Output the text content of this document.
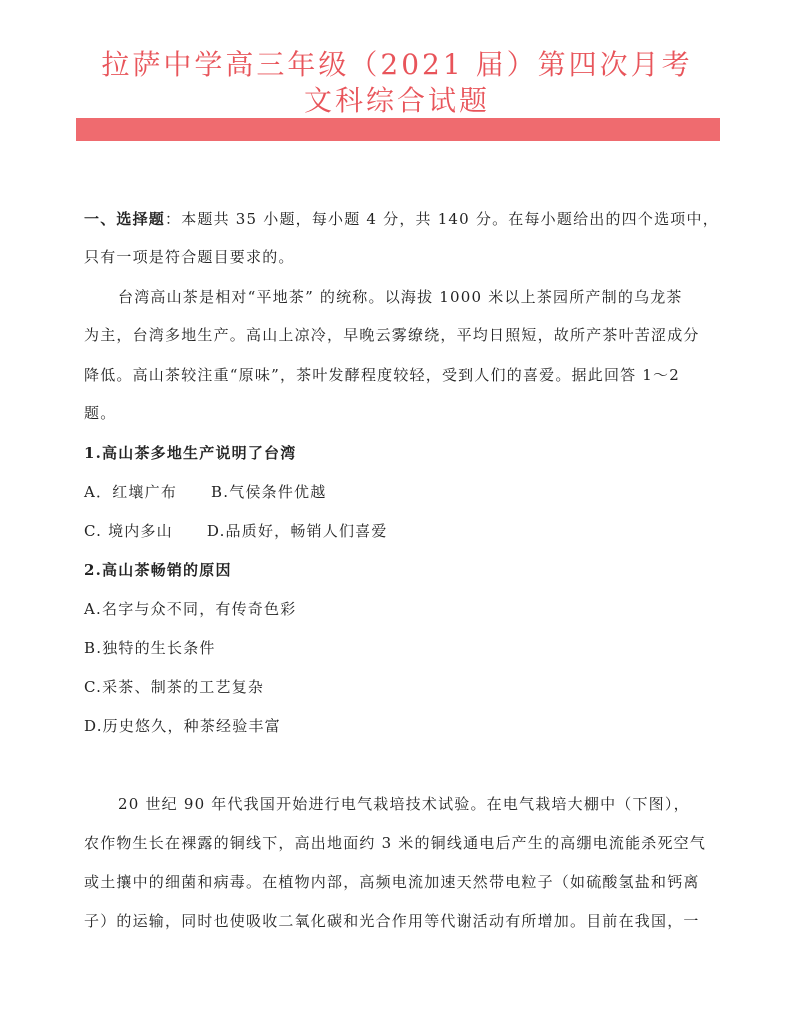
拉萨中学高三年级（2021 届）第四次月考
文科综合试题
一、选择题：本题共 35 小题，每小题 4 分，共 140 分。在每小题给出的四个选项中，
只有一项是符合题目要求的。
台湾高山茶是相对“平地茶” 的统称。以海拔 1000 米以上茶园所产制的乌龙茶
为主，台湾多地生产。高山上凉冷，早晚云雾缭绕，平均日照短，故所产茶叶苦涩成分
降低。高山茶较注重“原味”，茶叶发酵程度较轻，受到人们的喜爱。据此回答 1～2
题。
1.高山茶多地生产说明了台湾
A．红壤广布 B.气侯条件优越
C. 境内多山 D.品质好，畅销人们喜爱
2.高山茶畅销的原因
A.名字与众不同，有传奇色彩
B.独特的生长条件
C.采茶、制茶的工艺复杂
D.历史悠久，种茶经验丰富
20 世纪 90 年代我国开始进行电气栽培技术试验。在电气栽培大棚中（下图），
农作物生长在裸露的铜线下，高出地面约 3 米的铜线通电后产生的高绷电流能杀死空气
或土攘中的细菌和病毒。在植物内部，高频电流加速天然带电粒子（如硫酸氢盐和钙离
子）的运输，同时也使吸收二氧化碳和光合作用等代谢活动有所增加。目前在我国，一
